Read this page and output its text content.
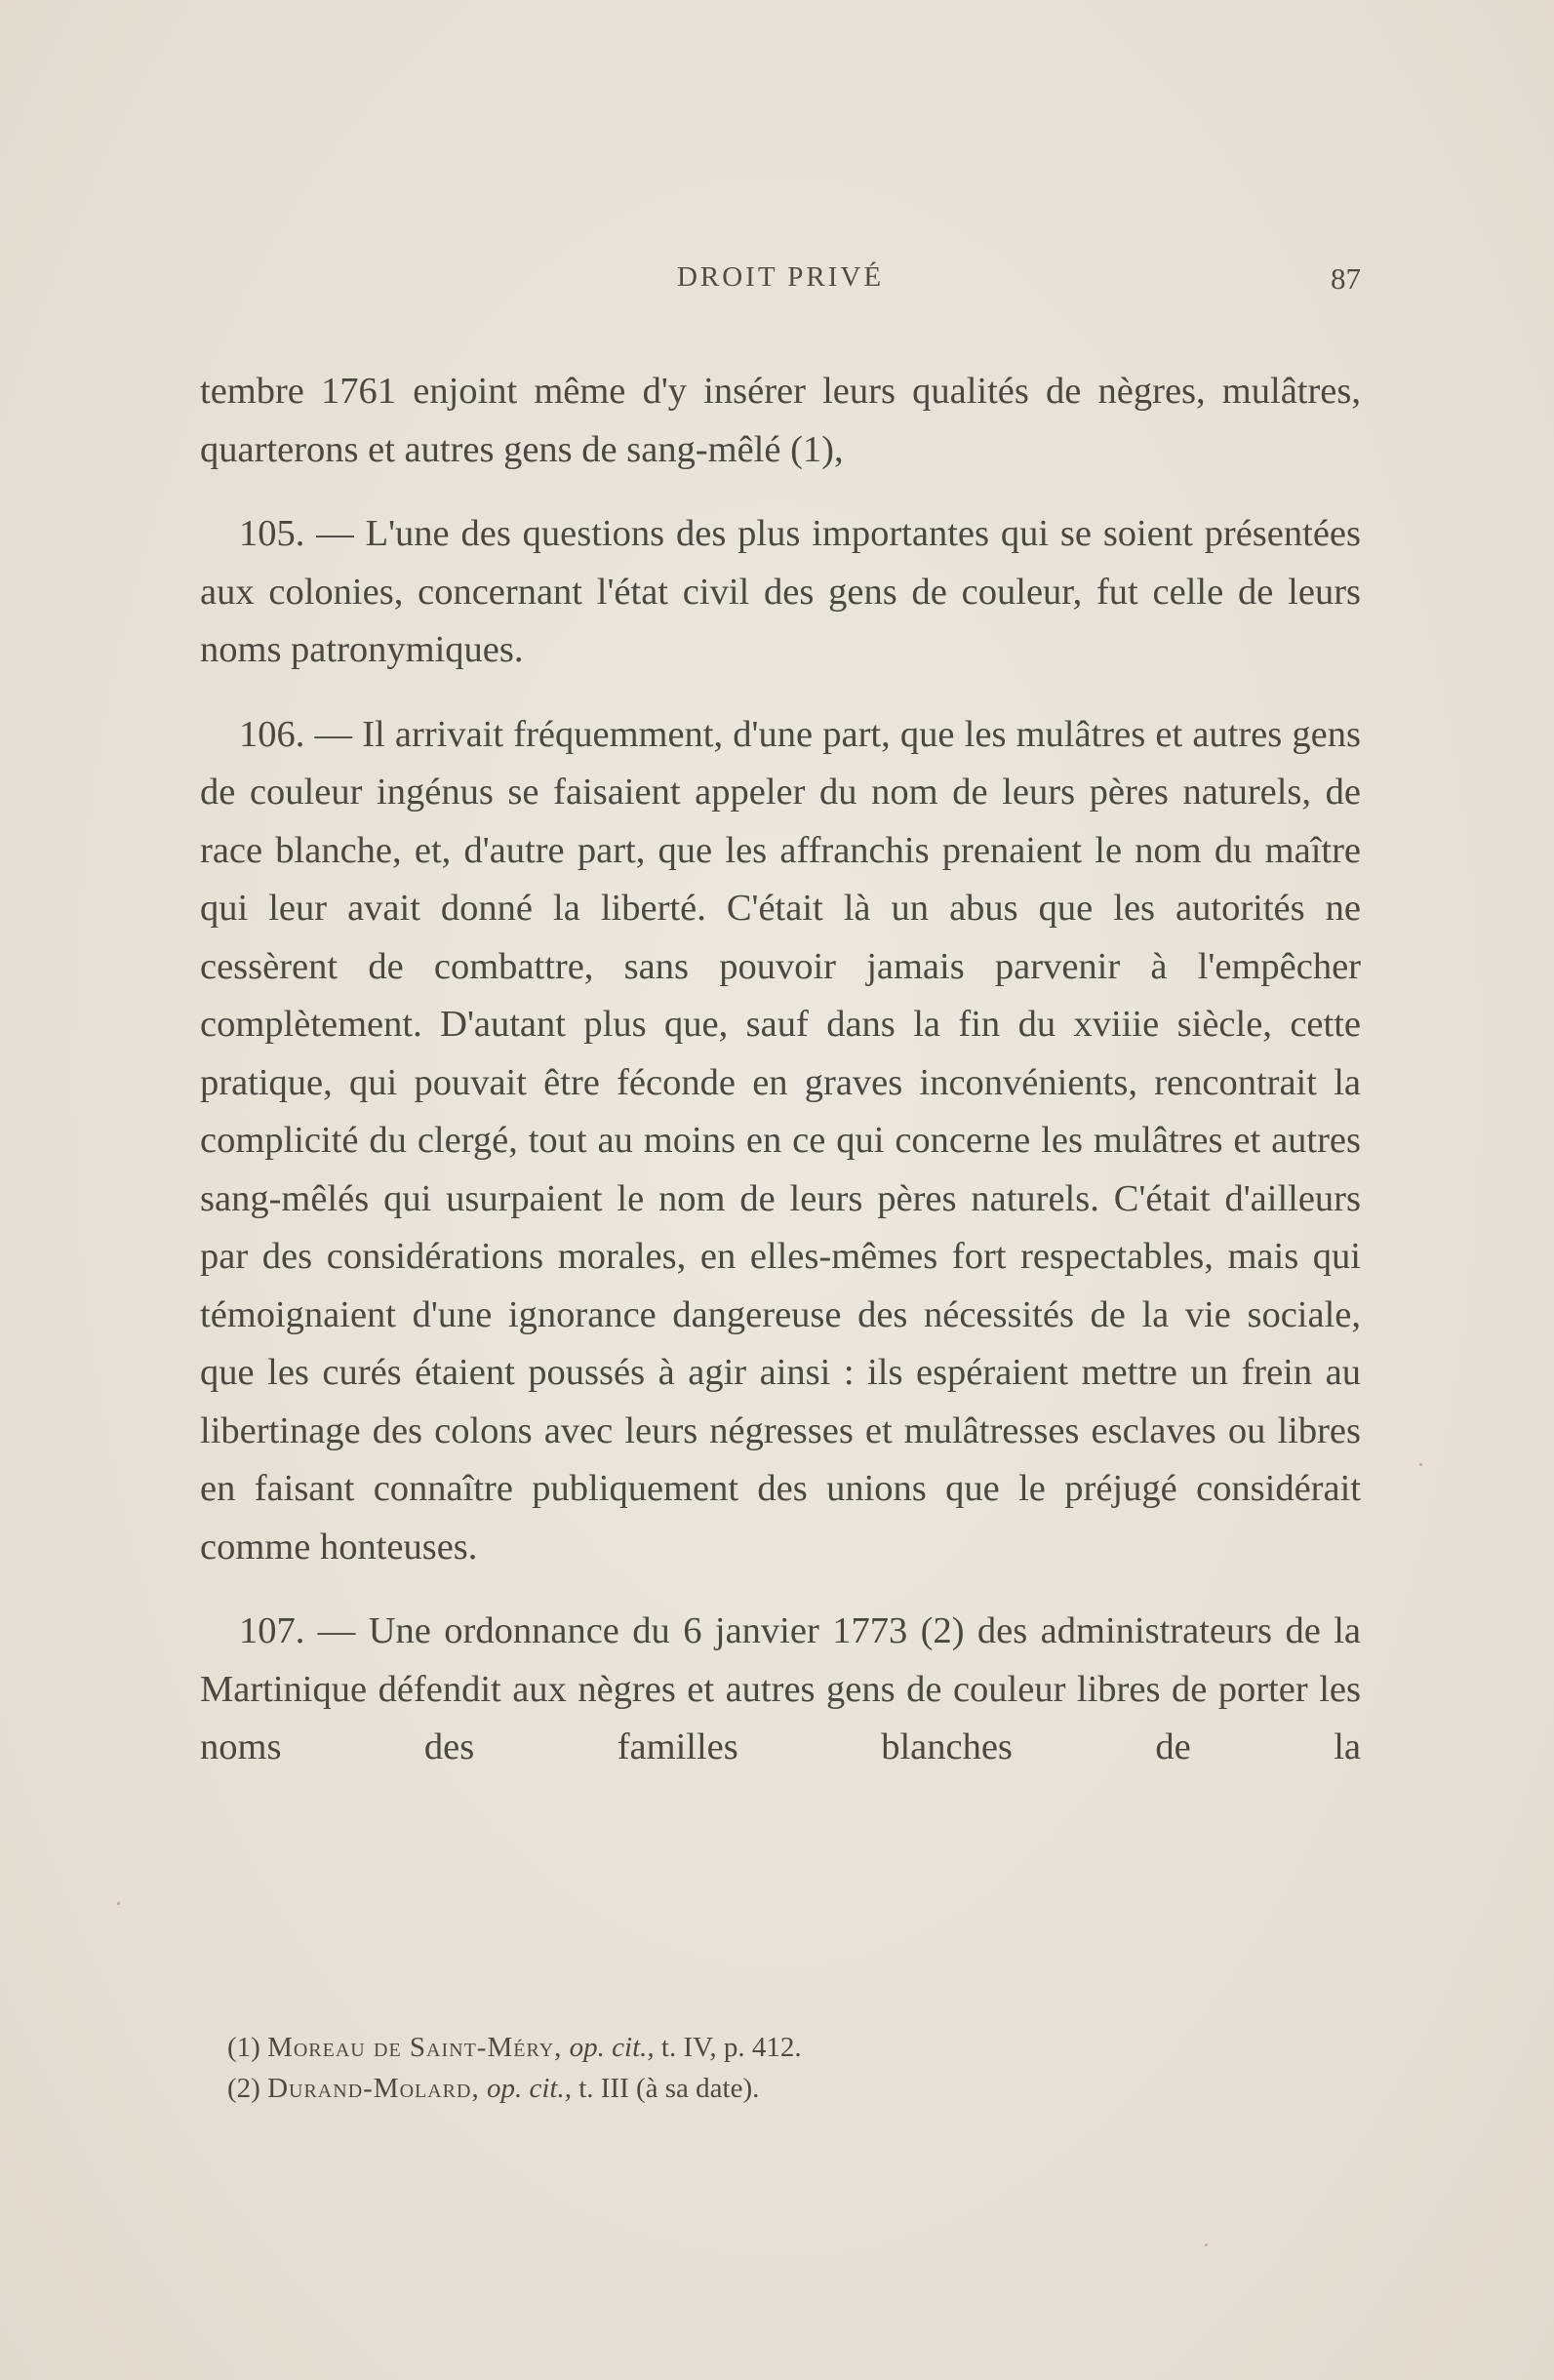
DROIT PRIVÉ	87

tembre 1761 enjoint même d'y insérer leurs qualités de nègres, mulâtres, quarterons et autres gens de sang-mêlé (1),

105. — L'une des questions des plus importantes qui se soient présentées aux colonies, concernant l'état civil des gens de couleur, fut celle de leurs noms patronymiques.

106. — Il arrivait fréquemment, d'une part, que les mulâtres et autres gens de couleur ingénus se faisaient appeler du nom de leurs pères naturels, de race blanche, et, d'autre part, que les affranchis prenaient le nom du maître qui leur avait donné la liberté. C'était là un abus que les autorités ne cessèrent de combattre, sans pouvoir jamais parvenir à l'empêcher complètement. D'autant plus que, sauf dans la fin du xviiie siècle, cette pratique, qui pouvait être féconde en graves inconvénients, rencontrait la complicité du clergé, tout au moins en ce qui concerne les mulâtres et autres sang-mêlés qui usurpaient le nom de leurs pères naturels. C'était d'ailleurs par des considérations morales, en elles-mêmes fort respectables, mais qui témoignaient d'une ignorance dangereuse des nécessités de la vie sociale, que les curés étaient poussés à agir ainsi : ils espéraient mettre un frein au libertinage des colons avec leurs négresses et mulâtresses esclaves ou libres en faisant connaître publiquement des unions que le préjugé considérait comme honteuses.

107. — Une ordonnance du 6 janvier 1773 (2) des administrateurs de la Martinique défendit aux nègres et autres gens de couleur libres de porter les noms des familles blanches de la

(1) Moreau de Saint-Méry, op. cit., t. IV, p. 412.

(2) Durand-Molard, op. cit., t. III (à sa date).
